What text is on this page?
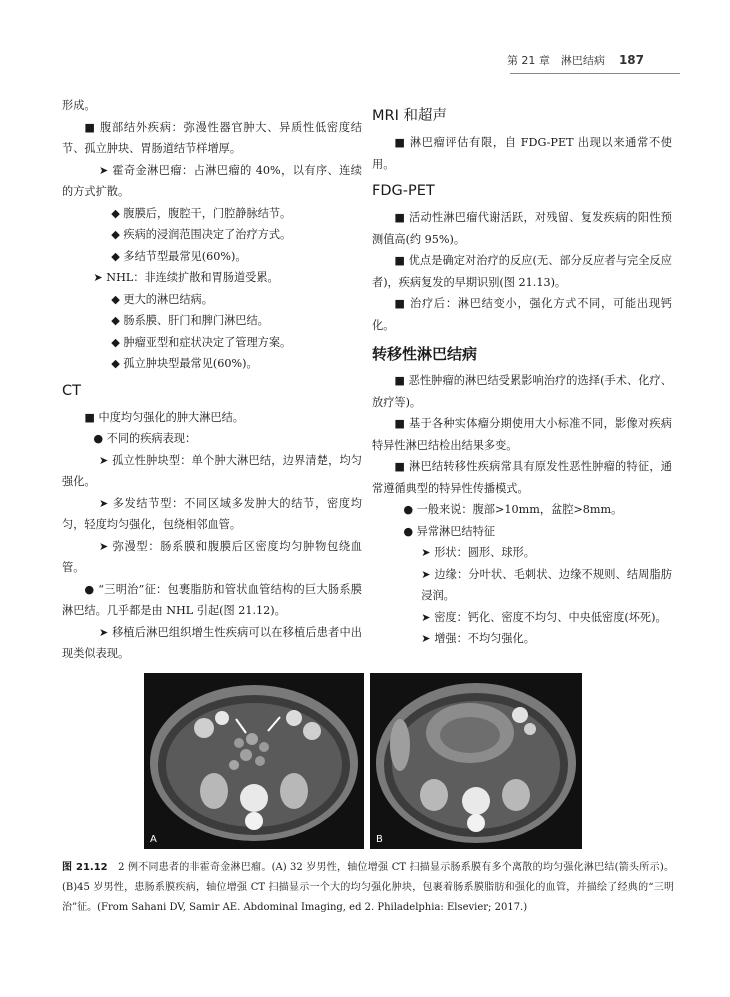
第 21 章　淋巴结病 187

形成。

■ 腹部结外疾病：弥漫性器官肿大、异质性低密度结节、孤立肿块、胃肠道结节样增厚。

➤ 霍奇金淋巴瘤：占淋巴瘤的 40%，以有序、连续的方式扩散。

◆ 腹膜后，腹腔干，门腔静脉结节。

◆ 疾病的浸润范围决定了治疗方式。

◆ 多结节型最常见(60%)。

➤ NHL：非连续扩散和胃肠道受累。

◆ 更大的淋巴结病。

◆ 肠系膜、肝门和脾门淋巴结。

◆ 肿瘤亚型和症状决定了管理方案。

◆ 孤立肿块型最常见(60%)。

CT

■ 中度均匀强化的肿大淋巴结。

● 不同的疾病表现：

➤ 孤立性肿块型：单个肿大淋巴结，边界清楚，均匀强化。

➤ 多发结节型：不同区域多发肿大的结节，密度均匀，轻度均匀强化，包绕相邻血管。

➤ 弥漫型：肠系膜和腹膜后区密度均匀肿物包绕血管。

● “三明治”征：包裹脂肪和管状血管结构的巨大肠系膜淋巴结。几乎都是由 NHL 引起(图 21.12)。

➤ 移植后淋巴组织增生性疾病可以在移植后患者中出现类似表现。

MRI 和超声

■ 淋巴瘤评估有限，自 FDG-PET 出现以来通常不使用。

FDG-PET

■ 活动性淋巴瘤代谢活跃，对残留、复发疾病的阳性预测值高(约 95%)。

■ 优点是确定对治疗的反应(无、部分反应者与完全反应者)，疾病复发的早期识别(图 21.13)。

■ 治疗后：淋巴结变小，强化方式不同，可能出现钙化。

转移性淋巴结病

■ 恶性肿瘤的淋巴结受累影响治疗的选择(手术、化疗、放疗等)。

■ 基于各种实体瘤分期使用大小标准不同，影像对疾病特异性淋巴结检出结果多变。

■ 淋巴结转移性疾病常具有原发性恶性肿瘤的特征，通常遵循典型的特异性传播模式。

● 一般来说：腹部>10mm，盆腔>8mm。

● 异常淋巴结特征

➤ 形状：圆形、球形。

➤ 边缘：分叶状、毛刺状、边缘不规则、结周脂肪浸润。

➤ 密度：钙化、密度不均匀、中央低密度(坏死)。

➤ 增强：不均匀强化。

A	B
图 21.12　2 例不同患者的非霍奇金淋巴瘤。(A) 32 岁男性，轴位增强 CT 扫描显示肠系膜有多个离散的均匀强化淋巴结(箭头所示)。(B)45 岁男性，患肠系膜疾病，轴位增强 CT 扫描显示一个大的均匀强化肿块，包裹着肠系膜脂肪和强化的血管，并描绘了经典的“三明治”征。(From Sahani DV, Samir AE. Abdominal Imaging, ed 2. Philadelphia: Elsevier; 2017.)
